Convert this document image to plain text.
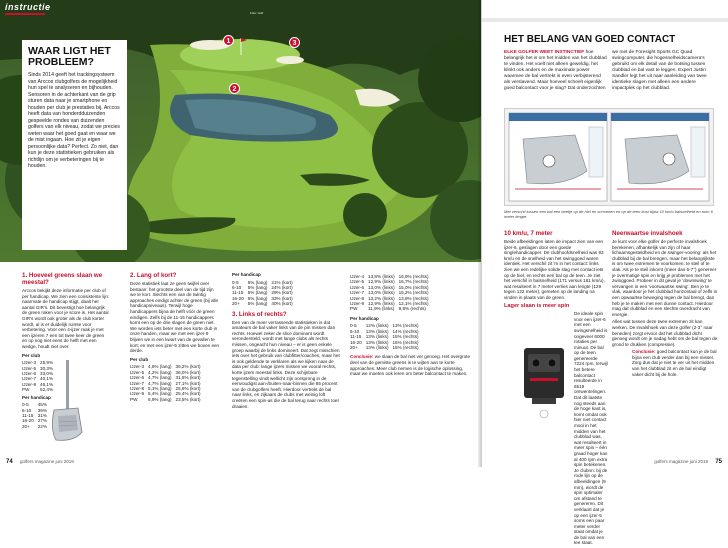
instructie
Foto: Golf
1
2
3
WAAR LIGT HET PROBLEEM?

Sinds 2014 geeft het trackingsysteem van Arccos clubgolfers de mogelijkheid hun spel te analyseren en bijhouden. Sensoren in de achterkant van de grip sturen data naar je smartphone en houden per club je prestaties bij. Arccos heeft data van honderdduizenden gespeelde rondes van duizenden golfers van elk niveau, zodat we precies weten waar het goed gaat en waar we de mist ingaan. Hoe zit je eigen persoonlijke data? Perfect. Zo niet, dan kun je deze statistieken gebruiken als richtlijn om je verbeteringen bij te houden.

1. Hoeveel greens slaan we meestal?

Arccos bekijkt deze informatie per club of per handicap. We zien een consistente lijn: naarmate de handicap stijgt, daalt het aantal GIR's. Dit bevestigt hoe belangrijk de green raken voor je score is. Het aantal GIR's wordt ook groter als de club korter wordt, al is er duidelijk ruimte voor verbetering. Voor een 4-ijzer raak je met een ijzeren 7 een tot twee keer de green en op nog niet eens de helft met een wedge, houdt niet over.

Per club
IJzer-3	25,9%
IJzer-5	30,3%
IJzer-6	33,0%
IJzer-7	40,1%
IJzer-9	46,1%
PW	52,4%
Per handicap
0-5	45%
6-10	39%
11-15	31%
16-20	27%
20+	22%
2. Lang of kort?

Deze statistiek laat ze geen twijfel over bestaan: het grootste deel van de tijd zijn we te kort. Slechts een van de twintig approaches eindigt achter de green (bij alle handicapniveaus). Terwijl hoge handicappers bijna de helft vóór de green eindigen. Zelfs bij de 11-15 handicappers komt een op de drie slagen de green niet. We worden iets beter met een korte club in onze handen, maar we met een ijzer-9 blijven we in een kwart van de gevallen te kort; en met een ijzer-5 zitten we boven een derde.

Per club
IJzer-3	4,6% (lang)	36,2% (kort)
IJzer-5	4,2% (lang)	36,0% (kort)
IJzer-6	4,7% (lang)	31,5% (kort)
IJzer-7	4,7% (lang)	27,1% (kort)
IJzer-8	5,1% (lang)	25,6% (kort)
IJzer-9	5,4% (lang)	25,4% (kort)
PW	6,9% (lang)	23,5% (kort)
Per handicap
0-5	5% (lang)	21% (kort)
6-10	5% (lang)	24% (kort)
11-15	5% (lang)	29% (kort)
16-20	5% (lang)	33% (kort)
20+	5% (lang)	40% (kort)
3. Links of rechts?

Een van de meer verrassende statistieken is dat amateurs de bal vaker links van de pin missen dan rechts. Hoewel zeker de slice dominant wordt verondersteld, wordt met lange clubs als rechts missen, ongeacht hun niveau – er is geen enkele groep waarbij de links domineert. Dat zegt misschien iets over het gebruik van clubfitter/coaches, maar het is ook geldende te verklaren als we kijken naar de data per club: lange ijzers missen we vooral rechts, korte ijzers meestal links. Deze schijnbare tegenstelling vindt wellicht zijn oorsprong in de eenvoudigst aan-/buiten-naar-binnen die 85 procent van de clubgolfers heeft. Hierdoor vertrekt de bal naar links, en zijkaars de clubs met weinig loft creëren een spin-as die de bal terug naar rechts toet draaien.

IJzer-4	13,8% (links)	16,9% (rechts)
IJzer-5	12,9% (links)	16,7% (rechts)
IJzer-6	13,0% (links)	15,0% (rechts)
IJzer-7	13,0% (links)	15,2% (rechts)
IJzer-8	13,2% (links)	13,8% (rechts)
IJzer-9	12,9% (links)	12,1% (rechts)
PW	11,9% (links)	9,8% (rechts)
Per handicap
0-5	12% (links)	13% (rechts)
6-10	13% (links)	14% (rechts)
11-15	13% (links)	15% (rechts)
16-20	13% (links)	15% (rechts)
20+	13% (links)	15% (rechts)

Conclusie: we slaan de bal niet ver genoeg. Het overgrote deel van de gemiste greens is te wijten aan te korte approaches. Meer club nemen is de logische oplossing, maar we moeten ook leren om beter balcontact te maken.

74 golfers magazine juni 2019
HET BELANG VAN GOED CONTACT
ELKE GOLFER WEET INSTINCTIEF hoe belangrijk het is om het midden van het clubblad te vinden. Het voelt niet alleen geweldig, het klinkt ook anders en de maximale power waarmee de bal vertrekt is even verbijsterend als verslavend. Maar hoeveel scheelt eigenlijk goed balcontact voor je slag? Dat onderzochten
we met de Foresight Sports GC Quad swingcomputer, die hogesnelheidscamera's gebruikt om elk detail van de botsing tussen clubblad en bal vast te leggen. Expert Justin Sandler legt het uit naar aanleiding van twee identieke slagen met alleen een andere impactplek op het clubblad.
Met verschil tussen een bal een beetje op de hiel en schoenen en op de teen kost bijna 10 km/u balsnelheid en ruim 6 meter lengte.
10 km/u, 7 meter

Beide afbeeldingen laten de impact zien van een ijzer-6, geslagen door een goede singlehandicapper. De clubhoofdsnelheid was 93 km/u en de snelheid van het swinggoed waren identiek. Het verschil zit 'm in het contact: links zien we een redelijke solide slag met contact iets op de hiel, en rechts een bal op de teen. Je ziet het verschil in balsnelheid (171 versus 161 km/u), wat resulteert in 7 meter verlies aan lengte (129 tegen 122 meter), gemeten op de landing na vinden in plaats van de green.

Lager slaan is meer spin

De ideale spin voor een ijzer-6 met een swingsnelheid is ongeveer 6000 rotaties per minuut. De bal op de teen genereerde 7224 rpm, terwijl het betere balcontact resulteerde in 6519 omwentelingen. Dat dit laatste nog steeds aan de hoge kant is, komt omdat ook hier niet contact mooi in het midden van het clubblad was, wat resulteert in meer spin – één graad hoger kan al 400 rpm extra spin betekenen. Je clubnn: bij de rode lijn op de afbeeldingen (9 mm), wordt de spin optimaler om afstand te genereren. Dit verklaart dat je op een ijzer-5 soms een paar meter verder staat omdat je de bal van een tee staat.

Neerwaartse invalshoek

Je kunt voor elke golfer de perfecte invalshoek berekenen, afhankelijk van zijn of haar lichaamsgesteldheid en de swinger-vooring: als het clubblad bij de bal brengen, maar het belangrijkste is om twee extremen te voorkomen: te steil of te vlak. Als je te steil inkomt (meer dan 6-7°) genereer je overmatige spin en krijg je problemen met het zwinggoed. Probeer in dit geval je 'downswing' te vervangen in een 'voorwaartse swing'. Ben je te vlak, waardoor je het clubblad horizontaal of zelfs in een opwaartse beweging tegen de bal brengt, dan heb je te maken met een dunne contact. Hierdoor mag dat clubblad en een slechte overdracht van energie.

Alles wat tussen deze twee extremen zit kan werken. De invalshoek van deze golfer (2-3° naar beneden) zorgt ervoor dat het clubblad dicht genoeg wordt om je nadag hebt om de bal tegen de grond te drukken (compressie).

Conclusie: goed balcontact kun je de bal bijna een club verder dan bij een misser. Zorg dus dat je niet te ver uit het midden van het clubblad zit en de bal eindigt vaker dicht bij de hole.

golfers magazine juni 2019 75
